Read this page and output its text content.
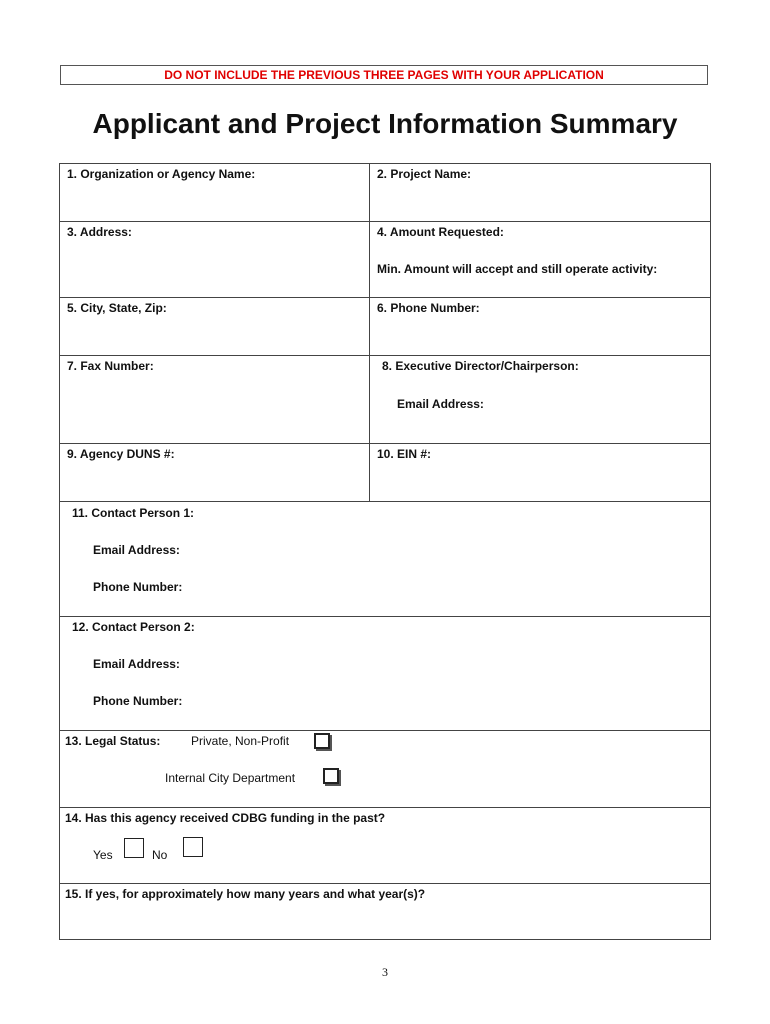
DO NOT INCLUDE THE PREVIOUS THREE PAGES WITH YOUR APPLICATION
Applicant and Project Information Summary
1. Organization or Agency Name:	2. Project Name:
3. Address:	4. Amount Requested:
Min. Amount will accept and still operate activity:
5. City, State, Zip:	6. Phone Number:
7. Fax Number:	8. Executive Director/Chairperson:
Email Address:
9. Agency DUNS #:	10. EIN #:
11. Contact Person 1:
Email Address:
Phone Number:
12. Contact Person 2:
Email Address:
Phone Number:
13. Legal Status:	Private, Non-Profit
Internal City Department
14. Has this agency received CDBG funding in the past?
Yes	No
15. If yes, for approximately how many years and what year(s)?
3
